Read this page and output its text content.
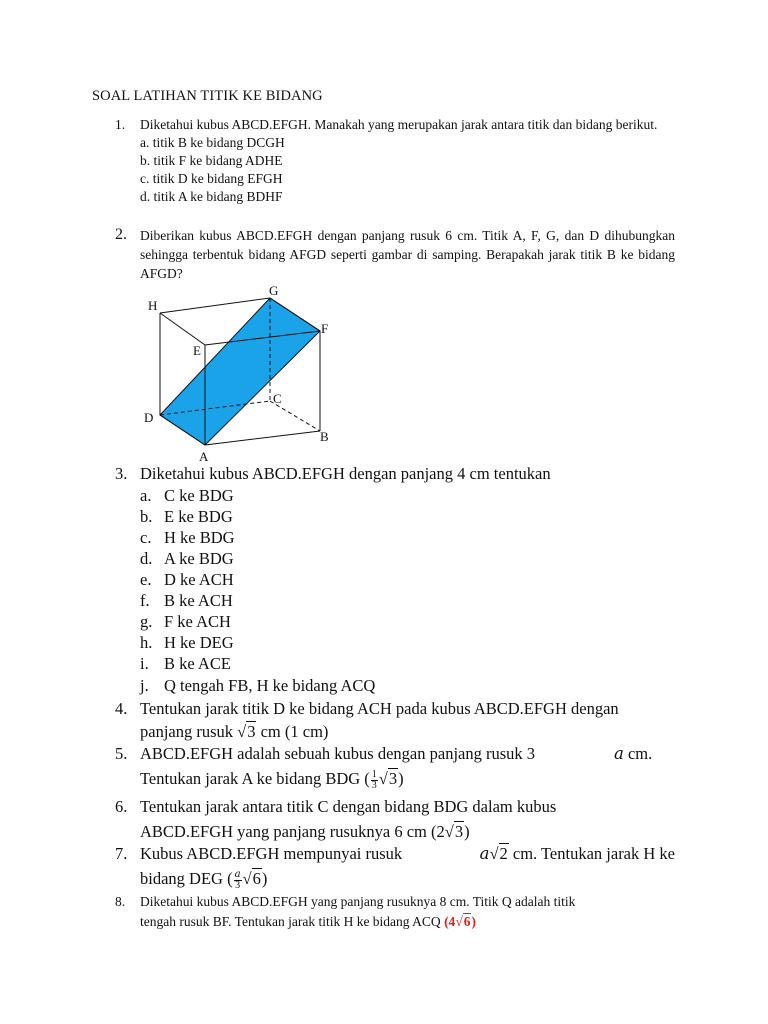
SOAL LATIHAN TITIK KE BIDANG
1. Diketahui kubus ABCD.EFGH. Manakah yang merupakan jarak antara titik dan bidang berikut.
a. titik B ke bidang DCGH
b. titik F ke bidang ADHE
c. titik D ke bidang EFGH
d. titik A ke bidang BDHF
2. Diberikan kubus ABCD.EFGH dengan panjang rusuk 6 cm. Titik A, F, G, dan D dihubungkan sehingga terbentuk bidang AFGD seperti gambar di samping. Berapakah jarak titik B ke bidang AFGD?
H
G
F
E
C
D
B
A
3. Diketahui kubus ABCD.EFGH dengan panjang 4 cm tentukan
a. C ke BDG
b. E ke BDG
c. H ke BDG
d. A ke BDG
e. D ke ACH
f. B ke ACH
g. F ke ACH
h. H ke DEG
i. B ke ACE
j. Q tengah FB, H ke bidang ACQ
4. Tentukan jarak titik D ke bidang ACH pada kubus ABCD.EFGH dengan
panjang rusuk √3 cm (1 cm)
5. ABCD.EFGH adalah sebuah kubus dengan panjang rusuk 3
Tentukan jarak A ke bidang BDG ( $\frac{1}{3} √3$)
a cm.
6. Tentukan jarak antara titik C dengan bidang BDG dalam kubus
ABCD.EFGH yang panjang rusuknya 6 cm (2√3)
7. Kubus ABCD.EFGH mempunyai rusuk	a√2 cm. Tentukan jarak H ke
bidang DEG ( $\frac{a}{3} √6$)
8. Diketahui kubus ABCD.EFGH yang panjang rusuknya 8 cm. Titik Q adalah titik
tengah rusuk BF. Tentukan jarak titik H ke bidang ACQ (4√6)
